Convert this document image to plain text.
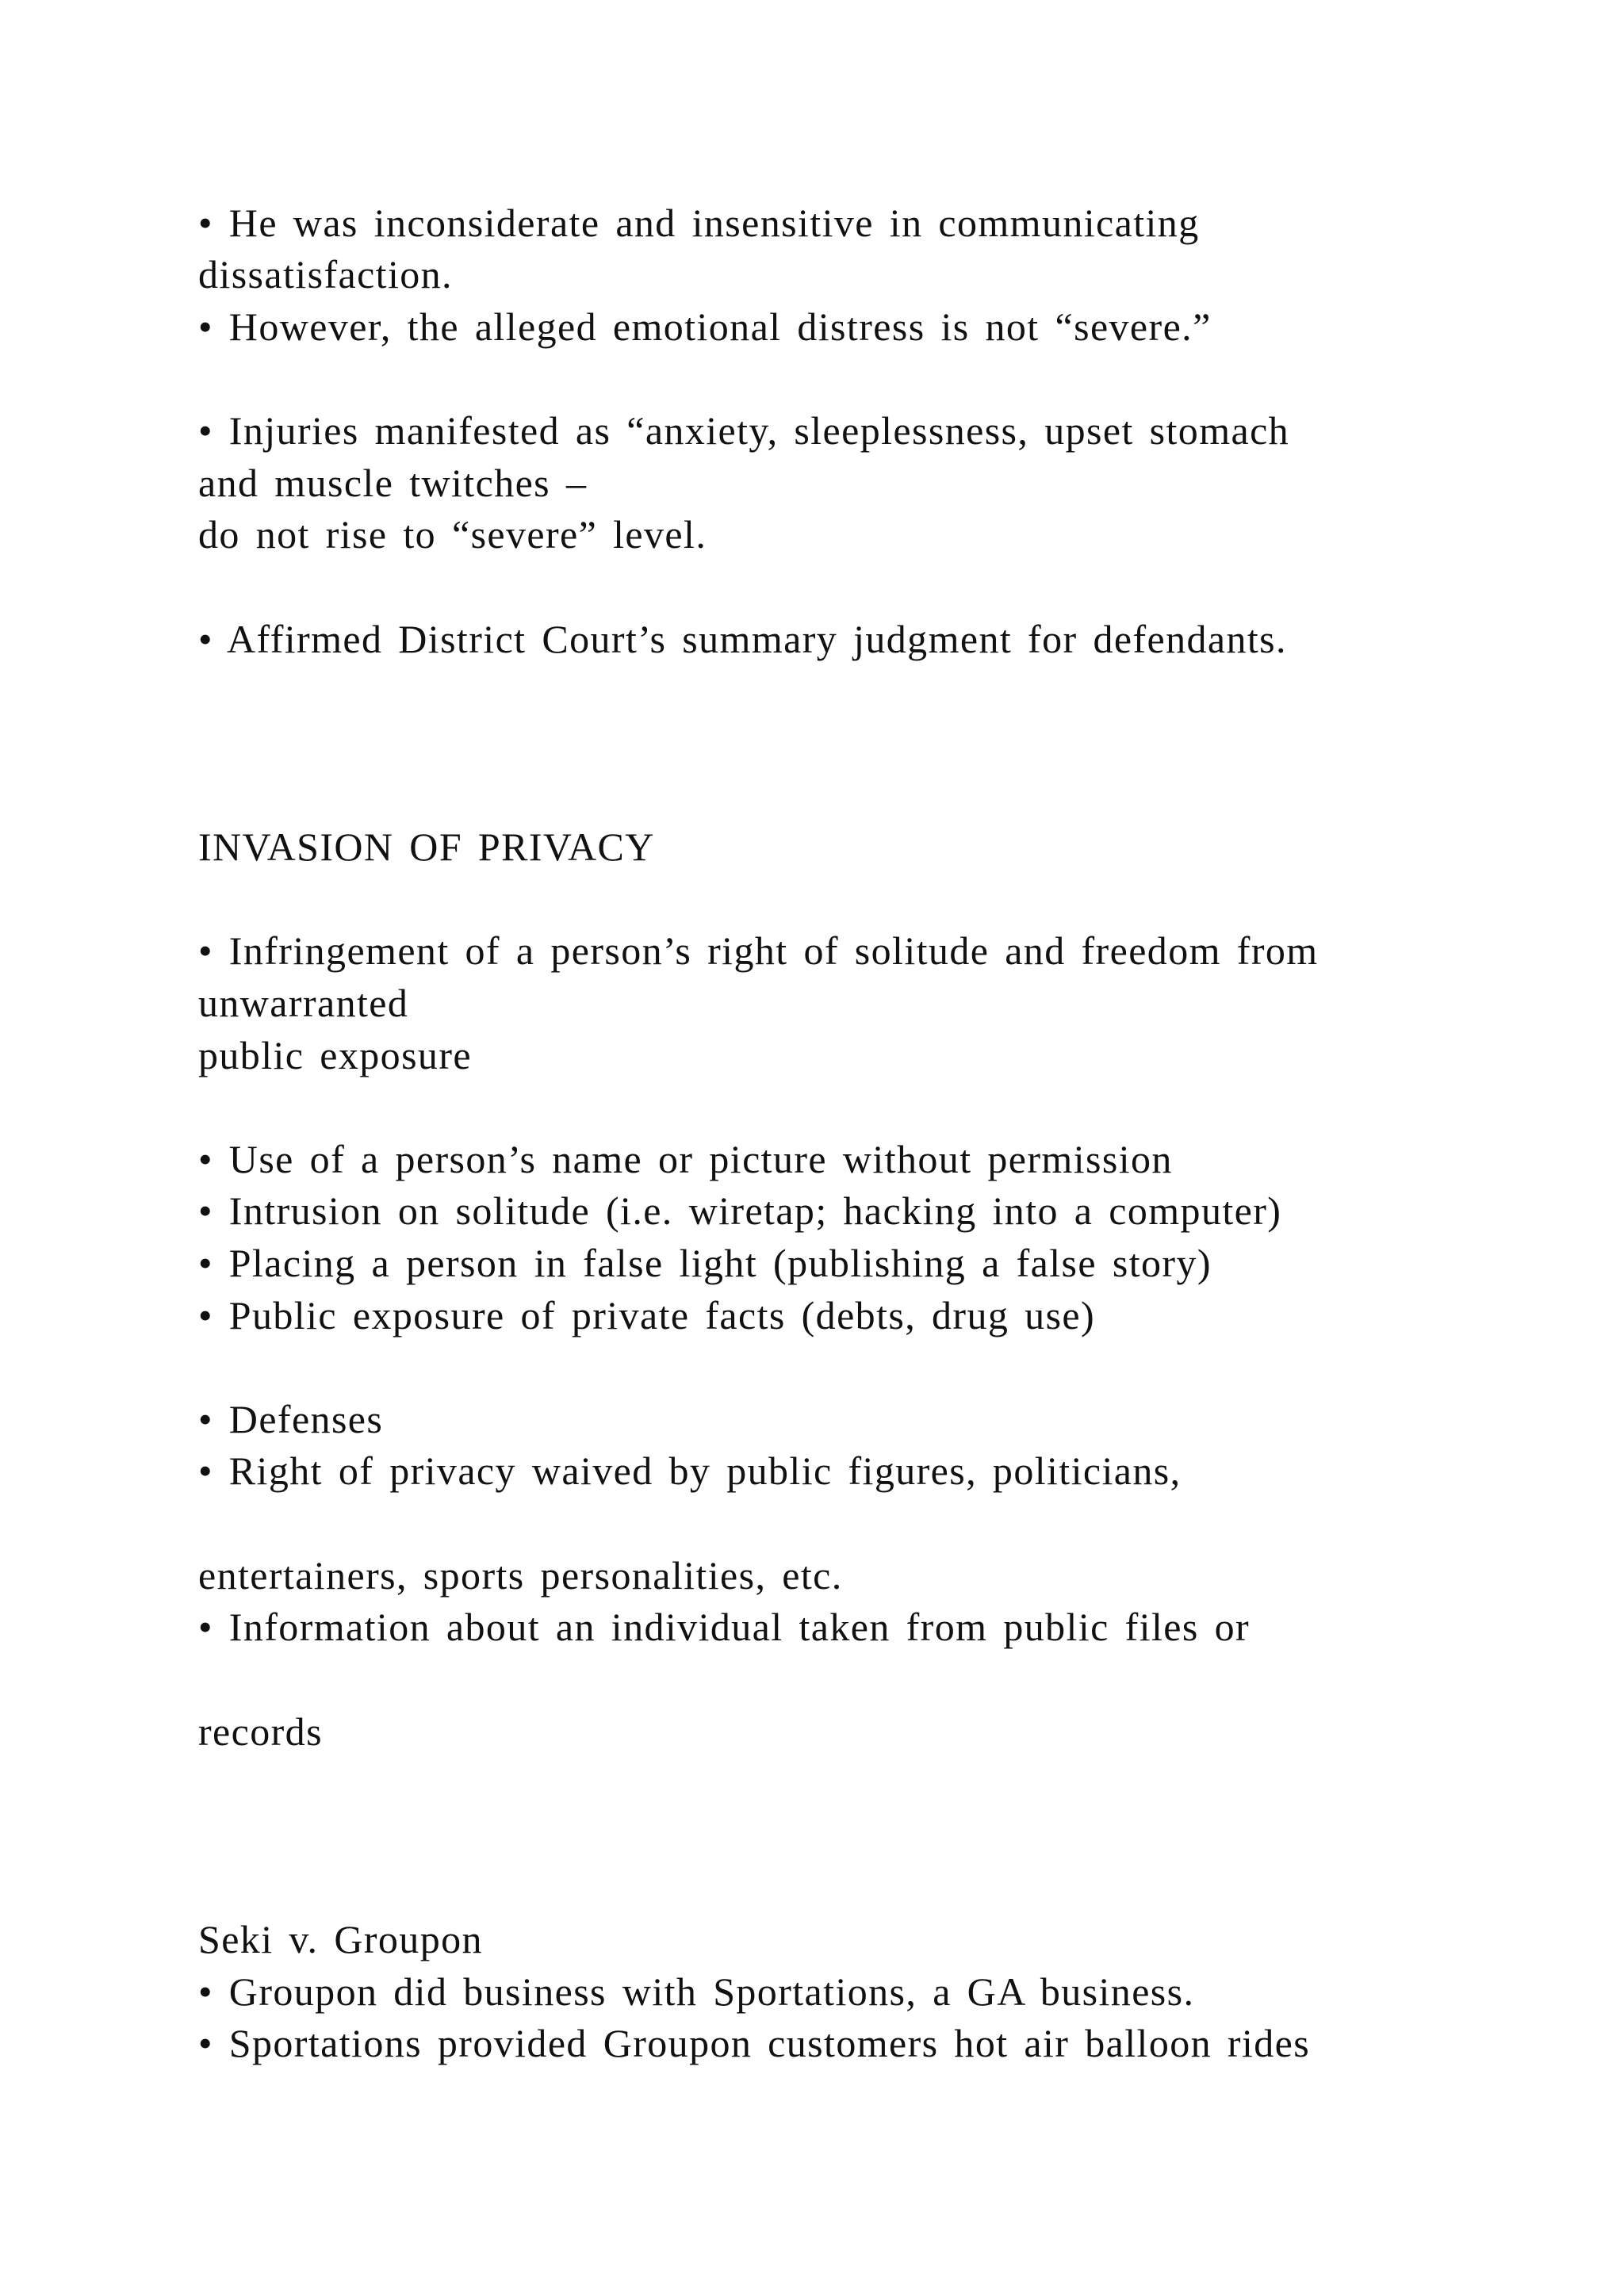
• He was inconsiderate and insensitive in communicating
dissatisfaction.
• However, the alleged emotional distress is not “severe.”
• Injuries manifested as “anxiety, sleeplessness, upset stomach
and muscle twitches –
do not rise to “severe” level.
• Affirmed District Court’s summary judgment for defendants.
INVASION OF PRIVACY
• Infringement of a person’s right of solitude and freedom from
unwarranted
public exposure
• Use of a person’s name or picture without permission
• Intrusion on solitude (i.e. wiretap; hacking into a computer)
• Placing a person in false light (publishing a false story)
• Public exposure of private facts (debts, drug use)
• Defenses
• Right of privacy waived by public figures, politicians,
entertainers, sports personalities, etc.
• Information about an individual taken from public files or
records
Seki v. Groupon
• Groupon did business with Sportations, a GA business.
• Sportations provided Groupon customers hot air balloon rides
